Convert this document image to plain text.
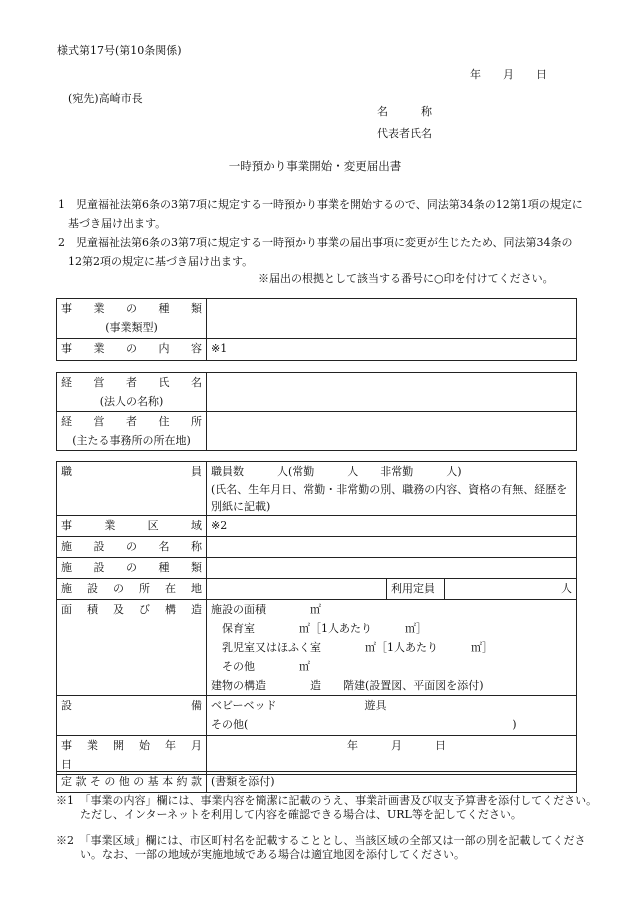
様式第17号(第10条関係)
年　　月　　日
(宛先)高崎市長
名　　　称
代表者氏名
一時預かり事業開始・変更届出書
1　児童福祉法第6条の3第7項に規定する一時預かり事業を開始するので、同法第34条の12第1項の規定に基づき届け出ます。
2　児童福祉法第6条の3第7項に規定する一時預かり事業の届出事項に変更が生じたため、同法第34条の12第2項の規定に基づき届け出ます。
※届出の根拠として該当する番号に○印を付けてください。
事　業　の　種　類
(事業類型)	

事　業　の　内　容	※1
経　営　者　氏　名
(法人の名称)	

経　営　者　住　所
(主たる事務所の所在地)	

職　　　　　　　　員	職員数　　　人(常勤　　　人　　非常勤　　　人)
(氏名、生年月日、常勤・非常勤の別、職務の内容、資格の有無、経歴を別紙に記載)		

事　業　区　域	※2		

施　設　の　名　称			

施　設　の　種　類			

施　設　の　所　在　地		利用定員	人

面　積　及　び　構　造	施設の面積　　　　㎡
　保育室　　　　㎡［1人あたり　　　㎡］
　乳児室又はほふく室　　　　㎡［1人あたり　　　㎡］
　その他　　　　㎡
建物の構造　　　　造　　階建(設置図、平面図を添付)		

設　　　　　　　　備	ベビーベッド　　　　　　　　遊具
その他(　　　　　　　　　　　　　　　　　　　　　　　　)		

事　業　開　始　年　月　日	年　　　月　　　日		
定款その他の基本約款	(書類を添付)
※1　「事業の内容」欄には、事業内容を簡潔に記載のうえ、事業計画書及び収支予算書を添付してください。ただし、インターネットを利用して内容を確認できる場合は、URL等を記してください。
※2　「事業区域」欄には、市区町村名を記載することとし、当該区域の全部又は一部の別を記載してください。なお、一部の地域が実施地域である場合は適宜地図を添付してください。
